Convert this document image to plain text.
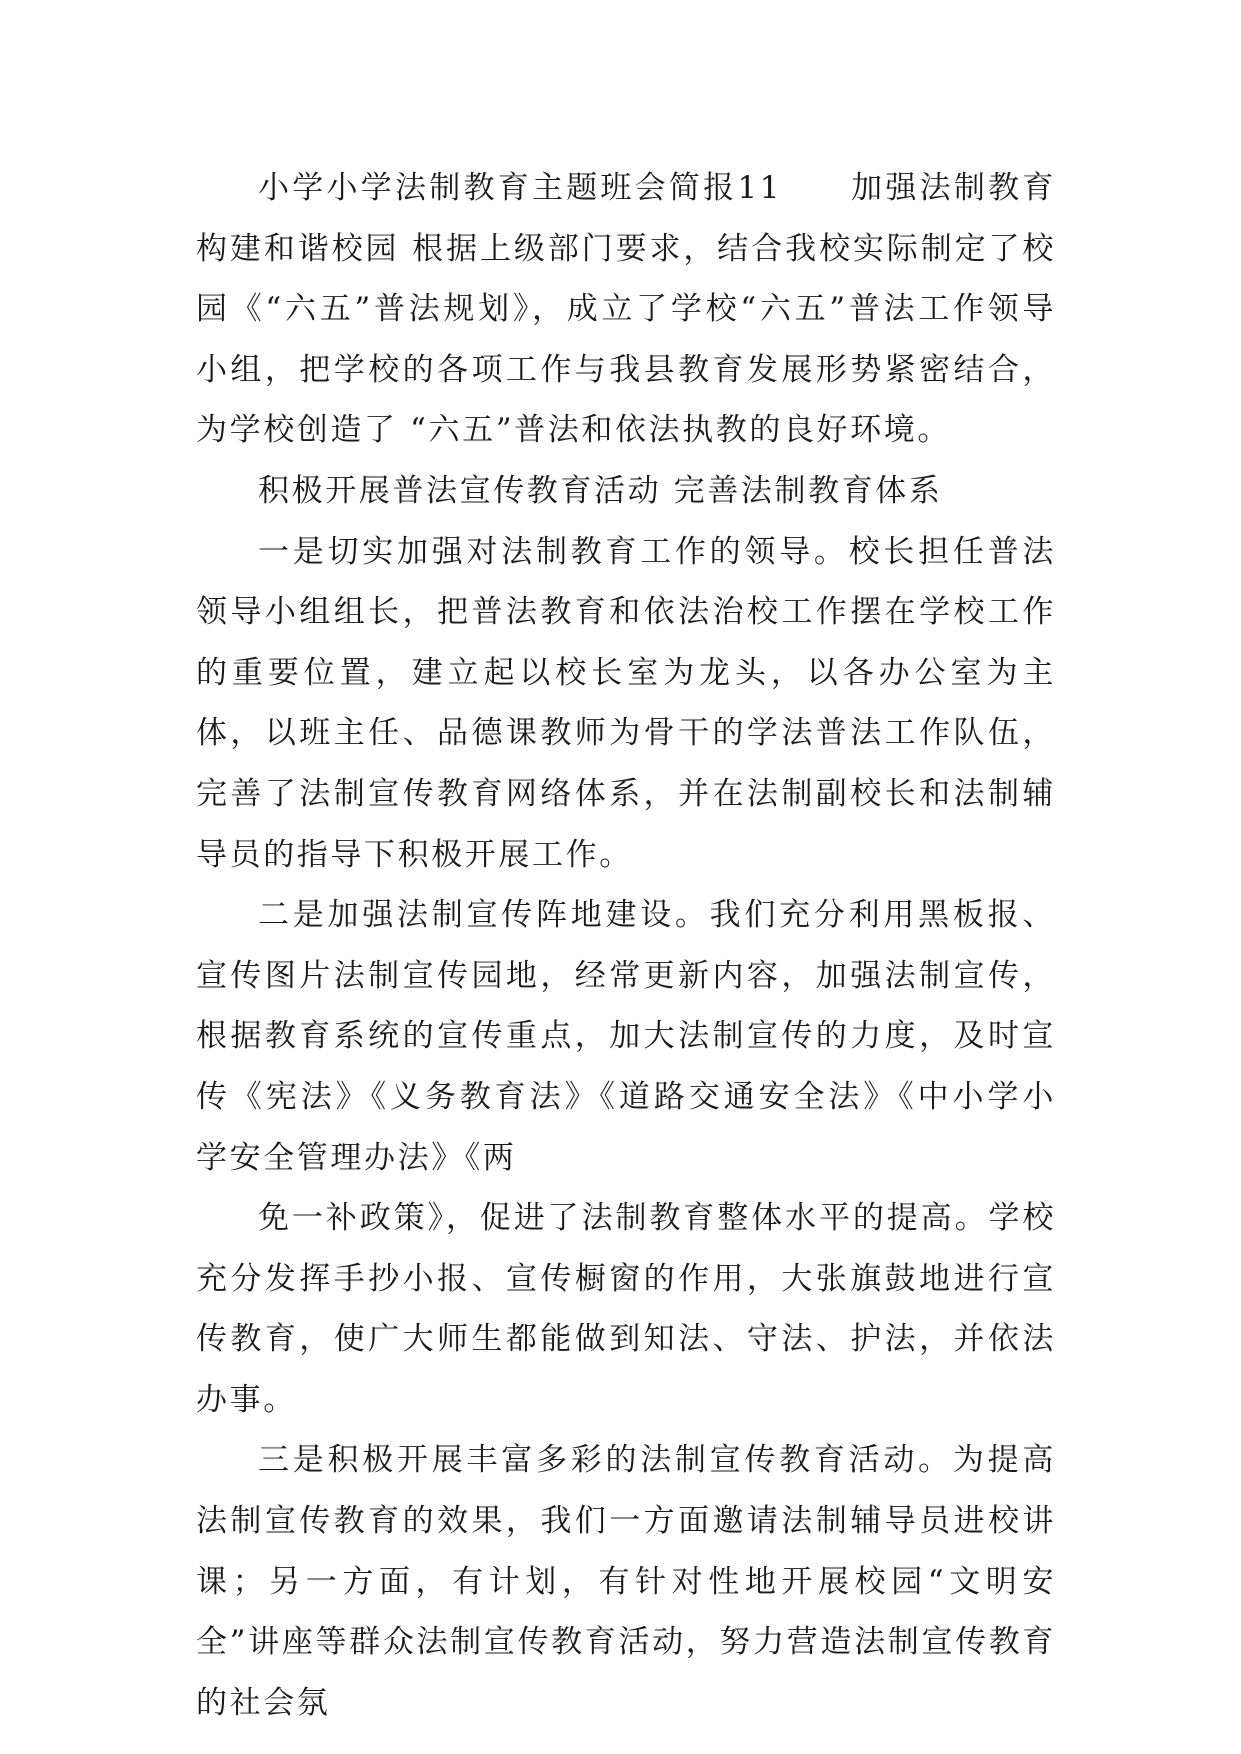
小学小学法制教育主题班会简报11　　加强法制教育构建和谐校园 根据上级部门要求，结合我校实际制定了校园《“六五”普法规划》，成立了学校“六五”普法工作领导小组，把学校的各项工作与我县教育发展形势紧密结合，为学校创造了 “六五”普法和依法执教的良好环境。

积极开展普法宣传教育活动 完善法制教育体系

一是切实加强对法制教育工作的领导。校长担任普法领导小组组长，把普法教育和依法治校工作摆在学校工作的重要位置，建立起以校长室为龙头，以各办公室为主体，以班主任、品德课教师为骨干的学法普法工作队伍，完善了法制宣传教育网络体系，并在法制副校长和法制辅导员的指导下积极开展工作。

二是加强法制宣传阵地建设。我们充分利用黑板报、宣传图片法制宣传园地，经常更新内容，加强法制宣传，根据教育系统的宣传重点，加大法制宣传的力度，及时宣传《宪法》《义务教育法》《道路交通安全法》《中小学小学安全管理办法》《两

免一补政策》，促进了法制教育整体水平的提高。学校充分发挥手抄小报、宣传橱窗的作用，大张旗鼓地进行宣传教育，使广大师生都能做到知法、守法、护法，并依法办事。

三是积极开展丰富多彩的法制宣传教育活动。为提高法制宣传教育的效果，我们一方面邀请法制辅导员进校讲课；另一方面，有计划，有针对性地开展校园“文明安全”讲座等群众法制宣传教育活动，努力营造法制宣传教育的社会氛
